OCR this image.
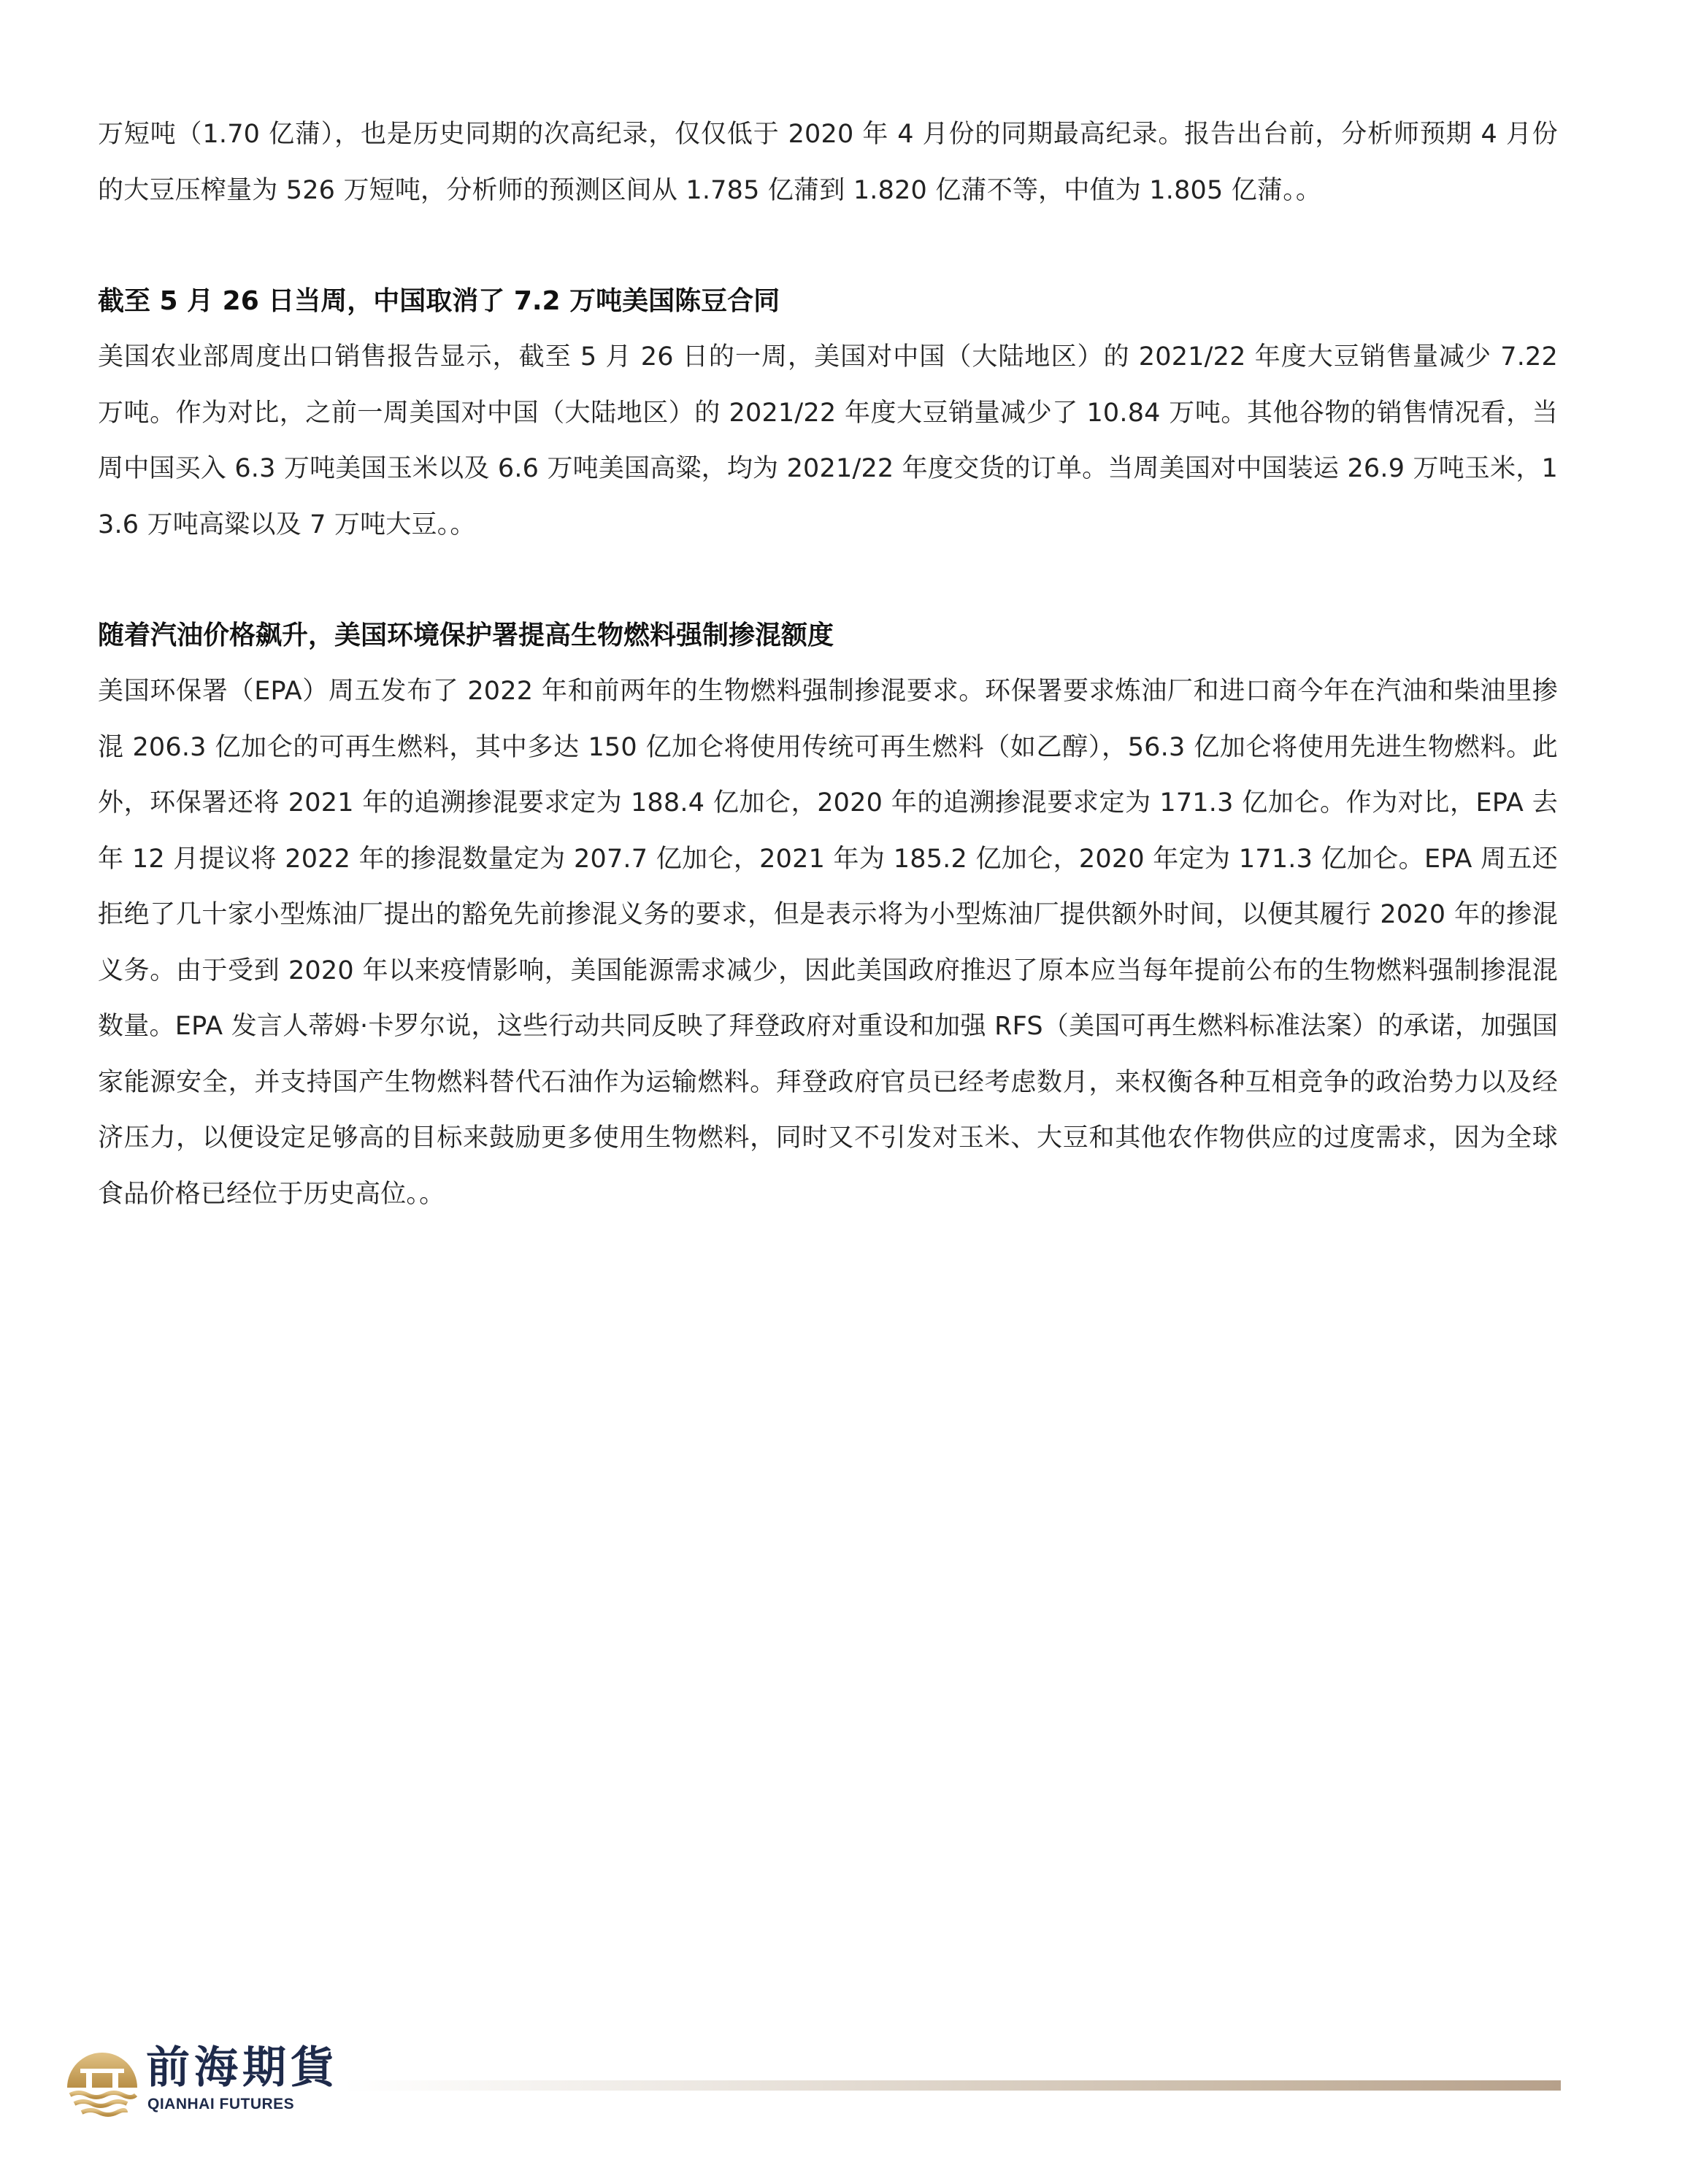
万短吨（1.70 亿蒲），也是历史同期的次高纪录，仅仅低于 2020 年 4 月份的同期最高纪录。报告出台前，分析师预期 4 月份的大豆压榨量为 526 万短吨，分析师的预测区间从 1.785 亿蒲到 1.820 亿蒲不等，中值为 1.805 亿蒲。。

截至 5 月 26 日当周，中国取消了 7.2 万吨美国陈豆合同

美国农业部周度出口销售报告显示，截至 5 月 26 日的一周，美国对中国（大陆地区）的 2021/22 年度大豆销售量减少 7.22 万吨。作为对比，之前一周美国对中国（大陆地区）的 2021/22 年度大豆销量减少了 10.84 万吨。其他谷物的销售情况看，当周中国买入 6.3 万吨美国玉米以及 6.6 万吨美国高粱，均为 2021/22 年度交货的订单。当周美国对中国装运 26.9 万吨玉米，13.6 万吨高粱以及 7 万吨大豆。。

随着汽油价格飙升，美国环境保护署提高生物燃料强制掺混额度

美国环保署（EPA）周五发布了 2022 年和前两年的生物燃料强制掺混要求。环保署要求炼油厂和进口商今年在汽油和柴油里掺混 206.3 亿加仑的可再生燃料，其中多达 150 亿加仑将使用传统可再生燃料（如乙醇），56.3 亿加仑将使用先进生物燃料。此外，环保署还将 2021 年的追溯掺混要求定为 188.4 亿加仑，2020 年的追溯掺混要求定为 171.3 亿加仑。作为对比，EPA 去年 12 月提议将 2022 年的掺混数量定为 207.7 亿加仑，2021 年为 185.2 亿加仑，2020 年定为 171.3 亿加仑。EPA 周五还拒绝了几十家小型炼油厂提出的豁免先前掺混义务的要求，但是表示将为小型炼油厂提供额外时间，以便其履行 2020 年的掺混义务。由于受到 2020 年以来疫情影响，美国能源需求减少，因此美国政府推迟了原本应当每年提前公布的生物燃料强制掺混混数量。EPA 发言人蒂姆·卡罗尔说，这些行动共同反映了拜登政府对重设和加强 RFS（美国可再生燃料标准法案）的承诺，加强国家能源安全，并支持国产生物燃料替代石油作为运输燃料。拜登政府官员已经考虑数月，来权衡各种互相竞争的政治势力以及经济压力，以便设定足够高的目标来鼓励更多使用生物燃料，同时又不引发对玉米、大豆和其他农作物供应的过度需求，因为全球食品价格已经位于历史高位。。

前海期貨
QIANHAI FUTURES
